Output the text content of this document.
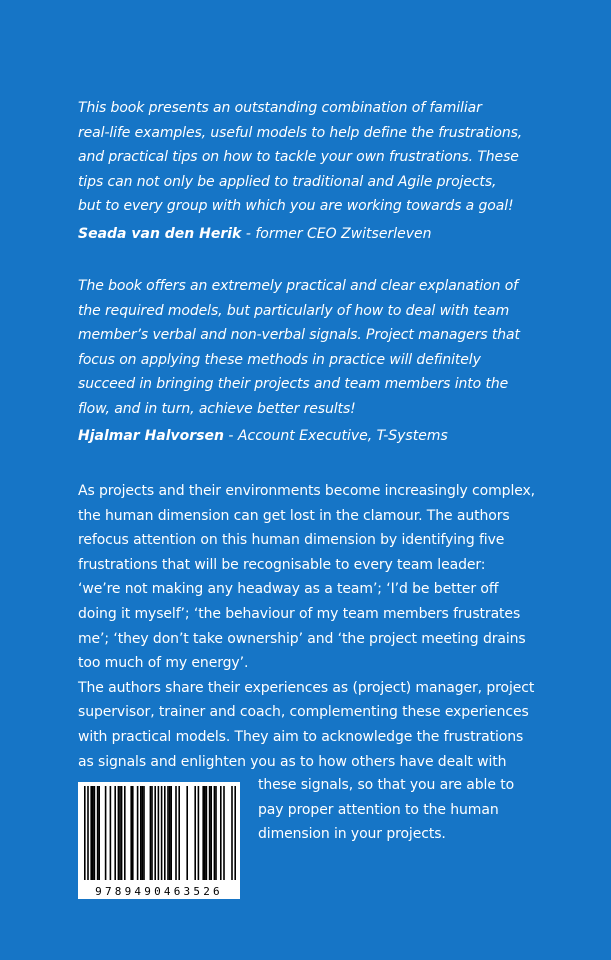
This book presents an outstanding combination of familiar
real-life examples, useful models to help define the frustrations,
and practical tips on how to tackle your own frustrations. These
tips can not only be applied to traditional and Agile projects,
but to every group with which you are working towards a goal!

Seada van den Herik - former CEO Zwitserleven

The book offers an extremely practical and clear explanation of
the required models, but particularly of how to deal with team
member’s verbal and non-verbal signals. Project managers that
focus on applying these methods in practice will definitely
succeed in bringing their projects and team members into the
flow, and in turn, achieve better results!

Hjalmar Halvorsen - Account Executive, T-Systems

As projects and their environments become increasingly complex,
the human dimension can get lost in the clamour. The authors
refocus attention on this human dimension by identifying five
frustrations that will be recognisable to every team leader:
‘we’re not making any headway as a team’; ‘I’d be better off
doing it myself’; ‘the behaviour of my team members frustrates
me’; ‘they don’t take ownership’ and ‘the project meeting drains
too much of my energy’.

The authors share their experiences as (project) manager, project
supervisor, trainer and coach, complementing these experiences
with practical models. They aim to acknowledge the frustrations
as signals and enlighten you as to how others have dealt with

9789490463526

these signals, so that you are able to
pay proper attention to the human
dimension in your projects.
